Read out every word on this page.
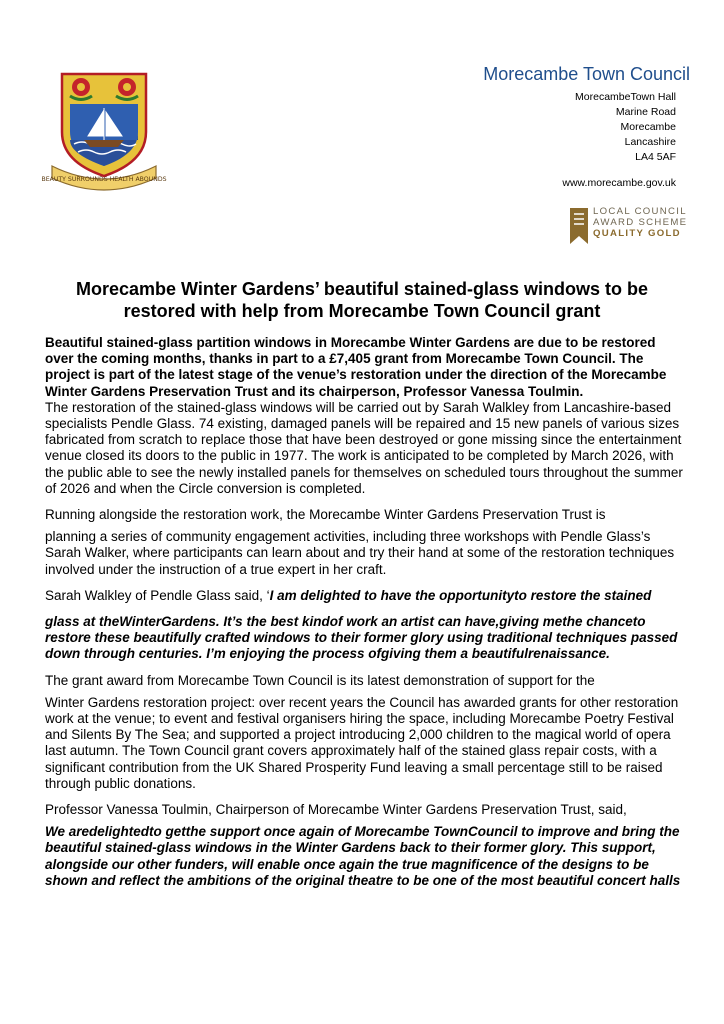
BEAUTY SURROUNDS HEALTH ABOUNDS
Morecambe Town Council
MorecambeTown Hall
Marine Road
Morecambe
Lancashire
LA4 5AF
www.morecambe.gov.uk
LOCAL COUNCIL
AWARD SCHEME
QUALITY GOLD
Morecambe Winter Gardens’ beautiful stained-glass windows to be restored with help from Morecambe Town Council grant

Beautiful stained-glass partition windows in Morecambe Winter Gardens are due to be restored over the coming months, thanks in part to a £7,405 grant from Morecambe Town Council. The project is part of the latest stage of the venue’s restoration under the direction of the Morecambe Winter Gardens Preservation Trust and its chairperson, Professor Vanessa Toulmin.

The restoration of the stained-glass windows will be carried out by Sarah Walkley from Lancashire-based specialists Pendle Glass. 74 existing, damaged panels will be repaired and 15 new panels of various sizes fabricated from scratch to replace those that have been destroyed or gone missing since the entertainment venue closed its doors to the public in 1977. The work is anticipated to be completed by March 2026, with the public able to see the newly installed panels for themselves on scheduled tours throughout the summer of 2026 and when the Circle conversion is completed.

Running alongside the restoration work, the Morecambe Winter Gardens Preservation Trust is

planning a series of community engagement activities, including three workshops with Pendle Glass’s Sarah Walker, where participants can learn about and try their hand at some of the restoration techniques involved under the instruction of a true expert in her craft.

Sarah Walkley of Pendle Glass said, ‘I am delighted to have the opportunityto restore the stained

glass at theWinterGardens. It’s the best kindof work an artist can have,giving methe chanceto restore these beautifully crafted windows to their former glory using traditional techniques passed

down through centuries. I’m enjoying the process ofgiving them a beautifulrenaissance.

The grant award from Morecambe Town Council is its latest demonstration of support for the

Winter Gardens restoration project: over recent years the Council has awarded grants for other restoration work at the venue; to event and festival organisers hiring the space, including Morecambe Poetry Festival and Silents By The Sea; and supported a project introducing 2,000 children to the magical world of opera last autumn. The Town Council grant covers approximately half of the stained glass repair costs, with a significant contribution from the UK Shared Prosperity Fund leaving a small percentage still to be raised through public donations.

Professor Vanessa Toulmin, Chairperson of Morecambe Winter Gardens Preservation Trust, said,

We aredelightedto getthe support once again of Morecambe TownCouncil to improve and bring the beautiful stained-glass windows in the Winter Gardens back to their former glory. This support, alongside our other funders, will enable once again the true magnificence of the designs to be shown and reflect the ambitions of the original theatre to be one of the most beautiful concert halls
